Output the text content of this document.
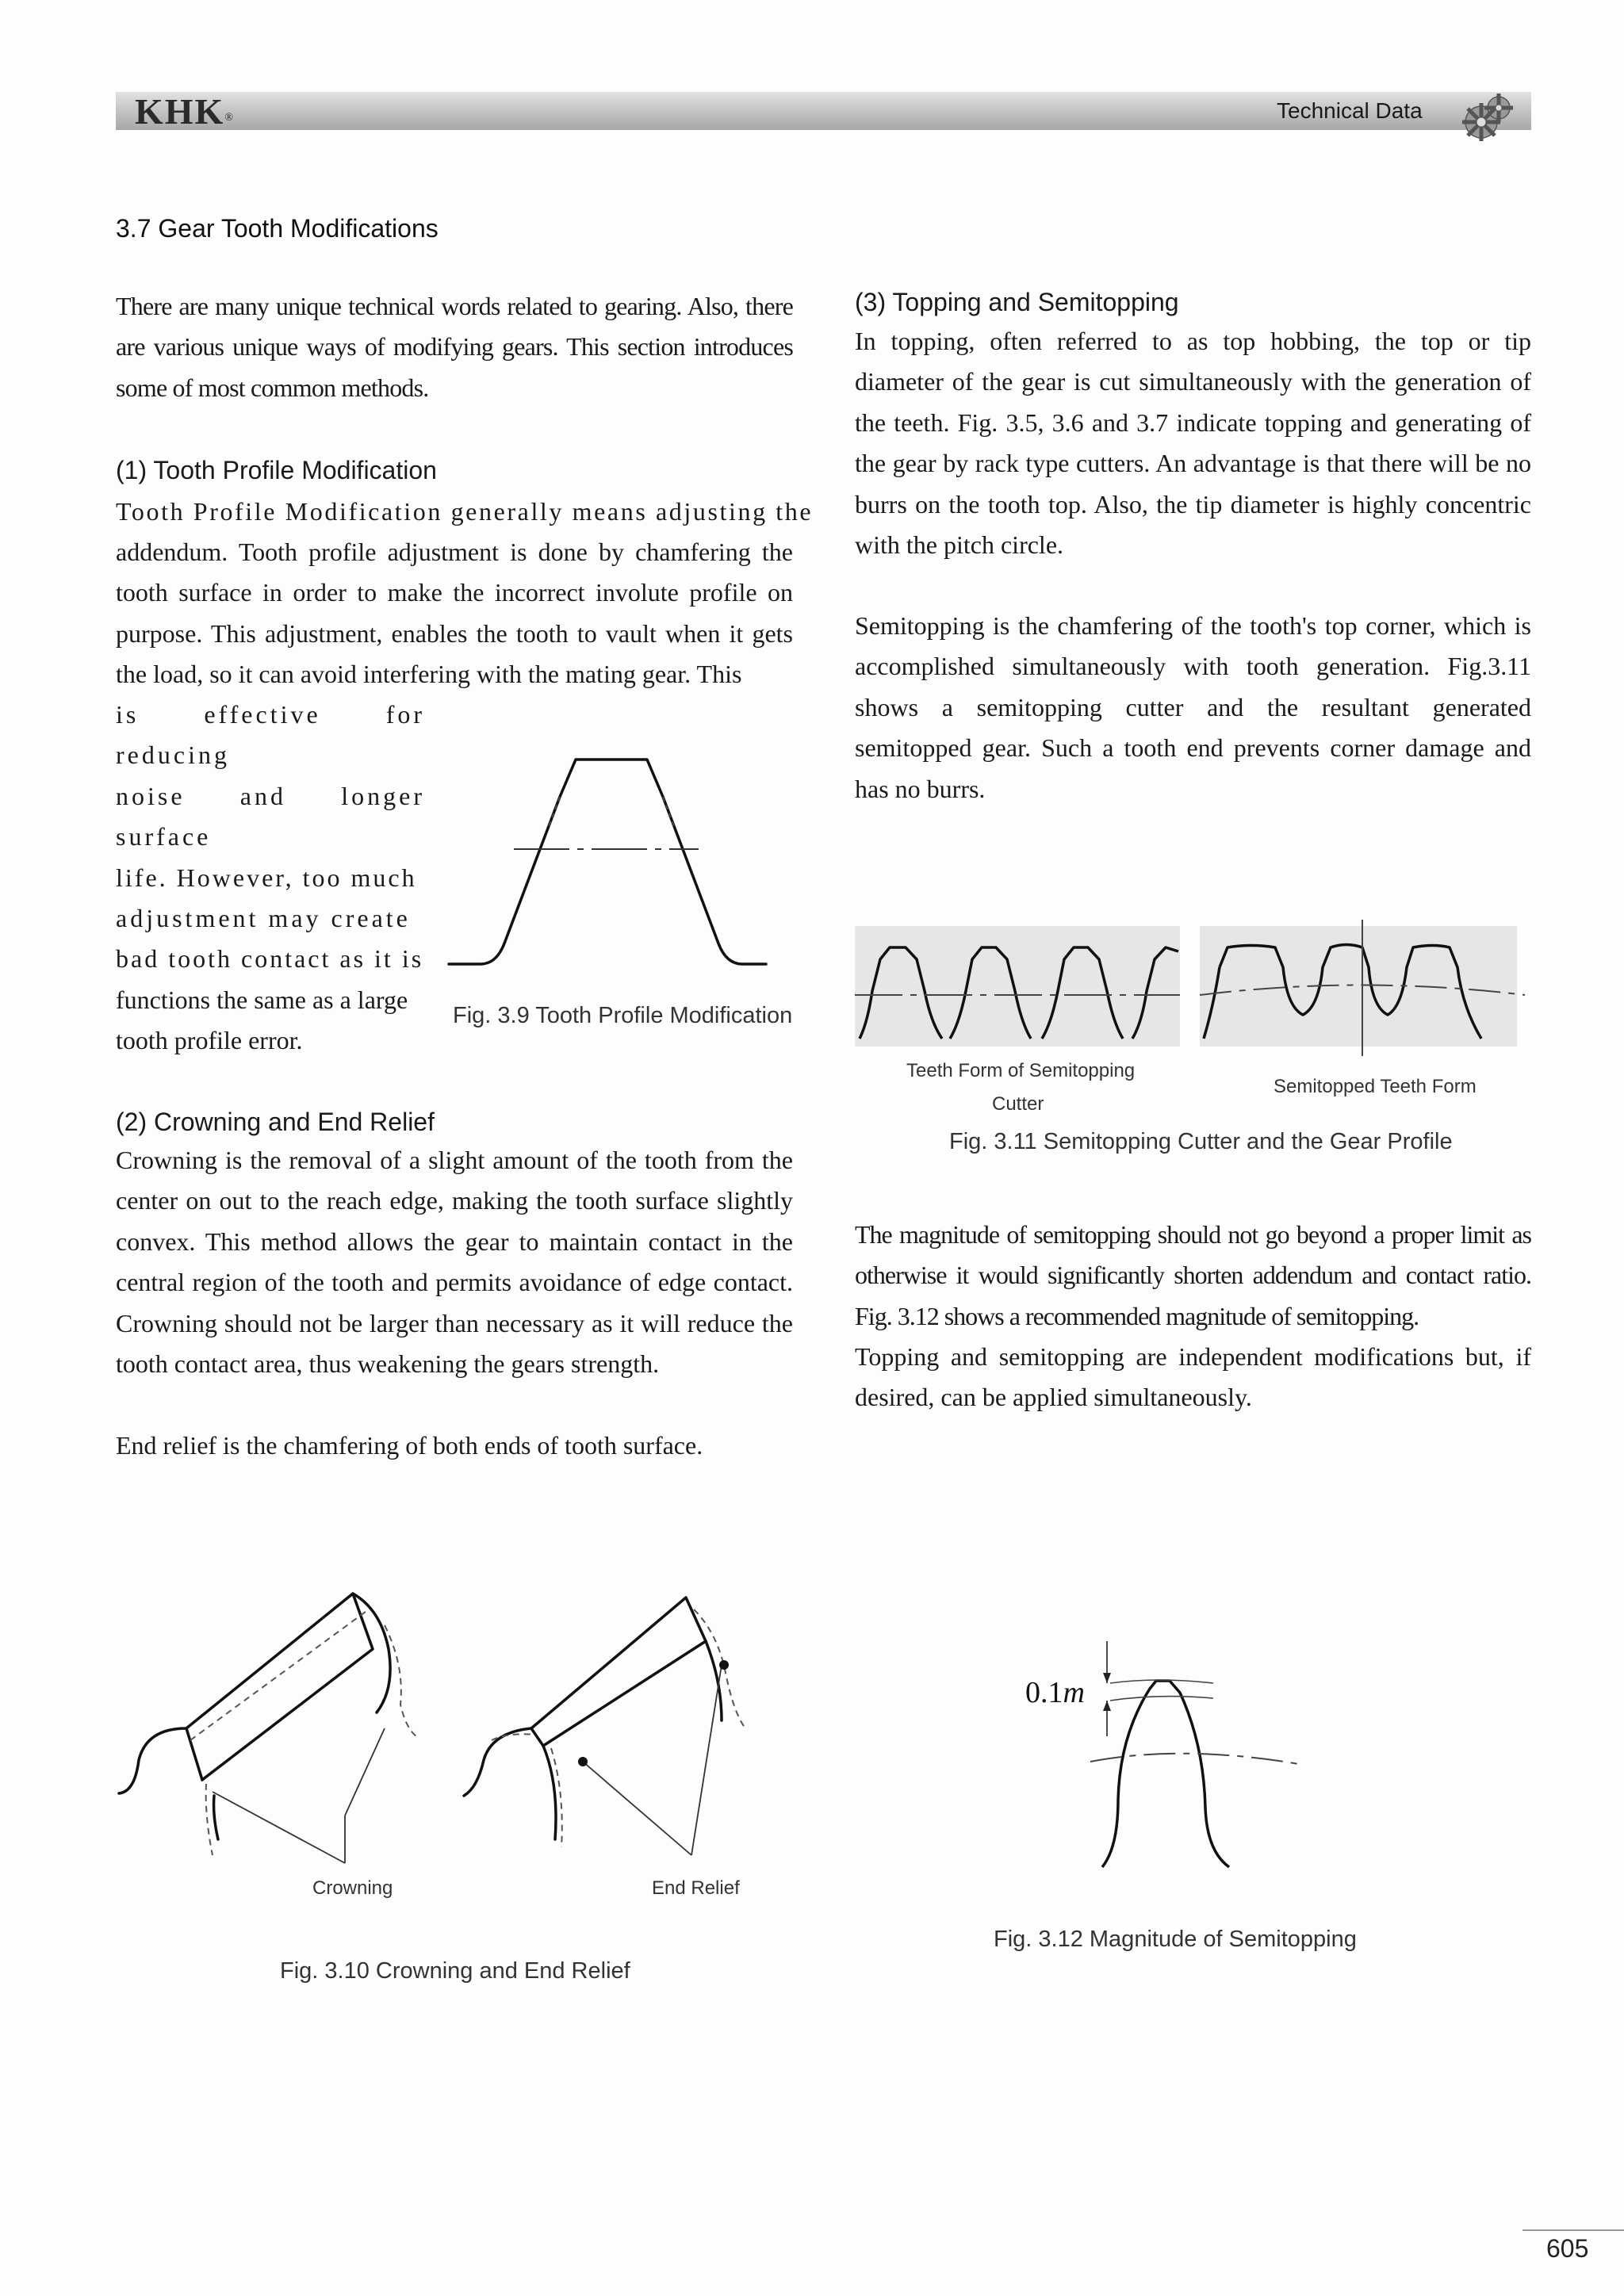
KHK®	Technical Data
3.7 Gear Tooth Modifications

There are many unique technical words related to gearing. Also, there are various unique ways of modifying gears. This section introduces some of most common methods.

(1) Tooth Profile Modification
Tooth Profile Modification generally means adjusting the

addendum. Tooth profile adjustment is done by chamfering the tooth surface in order to make the incorrect involute profile on purpose. This adjustment, enables the tooth to vault when it gets the load, so it can avoid interfering with the mating gear. This

is effective for reducing
noise and longer surface
life. However, too much
adjustment may create
bad tooth contact as it is
functions the same as a large
tooth profile error.
Fig. 3.9 Tooth Profile Modification
(2) Crowning and End Relief

Crowning is the removal of a slight amount of the tooth from the center on out to the reach edge, making the tooth surface slightly convex. This method allows the gear to maintain contact in the central region of the tooth and permits avoidance of edge contact. Crowning should not be larger than necessary as it will reduce the tooth contact area, thus weakening the gears strength.

End relief is the chamfering of both ends of tooth surface.

Crowning	End Relief
Fig. 3.10 Crowning and End Relief
(3) Topping and Semitopping

In topping, often referred to as top hobbing, the top or tip diameter of the gear is cut simultaneously with the generation of the teeth. Fig. 3.5, 3.6 and 3.7 indicate topping and generating of the gear by rack type cutters. An advantage is that there will be no burrs on the tooth top. Also, the tip diameter is highly concentric with the pitch circle.

Semitopping is the chamfering of the tooth's top corner, which is accomplished simultaneously with tooth generation. Fig.3.11 shows a semitopping cutter and the resultant generated semitopped gear. Such a tooth end prevents corner damage and has no burrs.

Teeth Form of Semitopping
Cutter
Semitopped Teeth Form
Fig. 3.11 Semitopping Cutter and the Gear Profile

The magnitude of semitopping should not go beyond a proper limit as otherwise it would significantly shorten addendum and contact ratio. Fig. 3.12 shows a recommended magnitude of semitopping.

Topping and semitopping are independent modifications but, if desired, can be applied simultaneously.

0.1m
Fig. 3.12 Magnitude of Semitopping
605
